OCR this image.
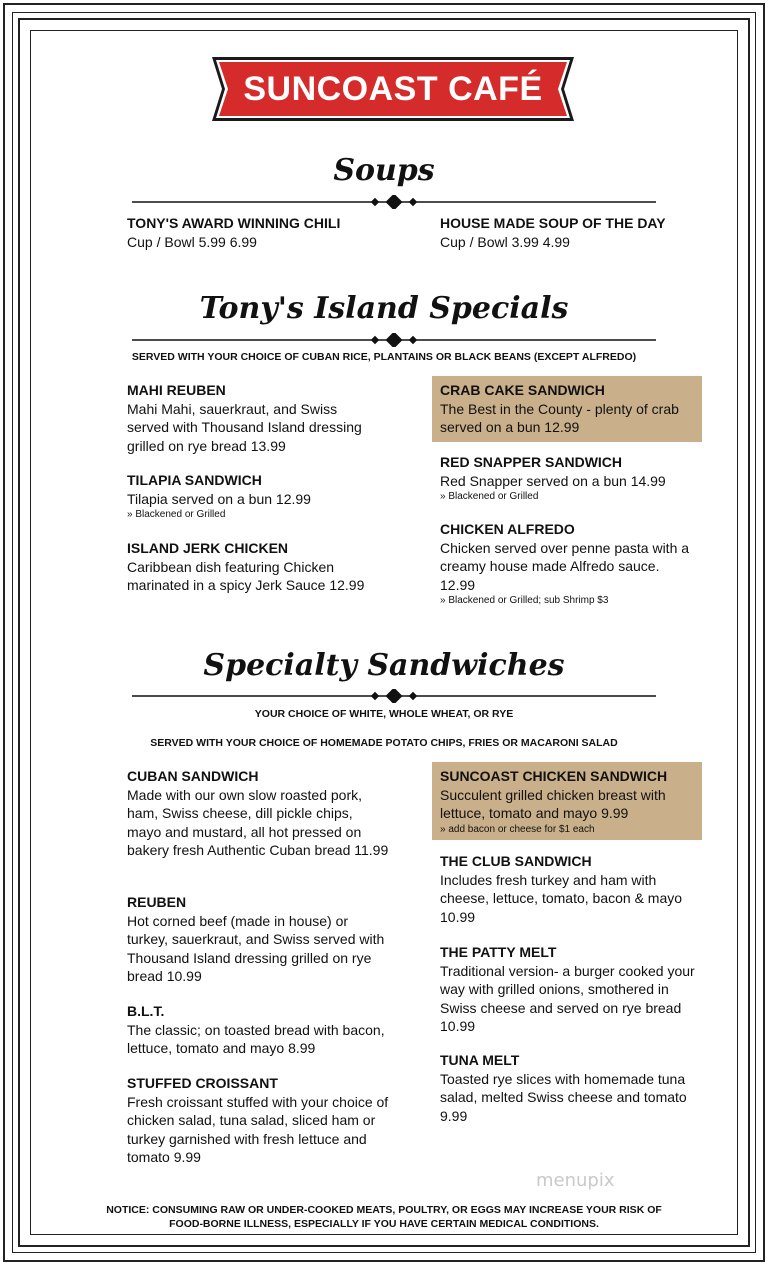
SUNCOAST CAFÉ
Soups
TONY'S AWARD WINNING CHILI
Cup / Bowl 5.99 6.99
HOUSE MADE SOUP OF THE DAY
Cup / Bowl 3.99 4.99
Tony's Island Specials
SERVED WITH YOUR CHOICE OF CUBAN RICE, PLANTAINS OR BLACK BEANS (EXCEPT ALFREDO)
MAHI REUBEN
Mahi Mahi, sauerkraut, and Swiss served with Thousand Island dressing grilled on rye bread 13.99
TILAPIA SANDWICH
Tilapia served on a bun 12.99
» Blackened or Grilled
ISLAND JERK CHICKEN
Caribbean dish featuring Chicken marinated in a spicy Jerk Sauce 12.99
CRAB CAKE SANDWICH
The Best in the County - plenty of crab served on a bun 12.99
RED SNAPPER SANDWICH
Red Snapper served on a bun 14.99
» Blackened or Grilled
CHICKEN ALFREDO
Chicken served over penne pasta with a creamy house made Alfredo sauce. 12.99
» Blackened or Grilled; sub Shrimp $3
Specialty Sandwiches
YOUR CHOICE OF WHITE, WHOLE WHEAT, OR RYE
SERVED WITH YOUR CHOICE OF HOMEMADE POTATO CHIPS, FRIES OR MACARONI SALAD
CUBAN SANDWICH
Made with our own slow roasted pork, ham, Swiss cheese, dill pickle chips, mayo and mustard, all hot pressed on bakery fresh Authentic Cuban bread 11.99
REUBEN
Hot corned beef (made in house) or turkey, sauerkraut, and Swiss served with Thousand Island dressing grilled on rye bread 10.99
B.L.T.
The classic; on toasted bread with bacon, lettuce, tomato and mayo 8.99
STUFFED CROISSANT
Fresh croissant stuffed with your choice of chicken salad, tuna salad, sliced ham or turkey garnished with fresh lettuce and tomato 9.99
SUNCOAST CHICKEN SANDWICH
Succulent grilled chicken breast with lettuce, tomato and mayo 9.99
» add bacon or cheese for $1 each
THE CLUB SANDWICH
Includes fresh turkey and ham with cheese, lettuce, tomato, bacon & mayo 10.99
THE PATTY MELT
Traditional version- a burger cooked your way with grilled onions, smothered in Swiss cheese and served on rye bread 10.99
TUNA MELT
Toasted rye slices with homemade tuna salad, melted Swiss cheese and tomato 9.99
menupix
NOTICE: CONSUMING RAW OR UNDER-COOKED MEATS, POULTRY, OR EGGS MAY INCREASE YOUR RISK OF FOOD-BORNE ILLNESS, ESPECIALLY IF YOU HAVE CERTAIN MEDICAL CONDITIONS.
